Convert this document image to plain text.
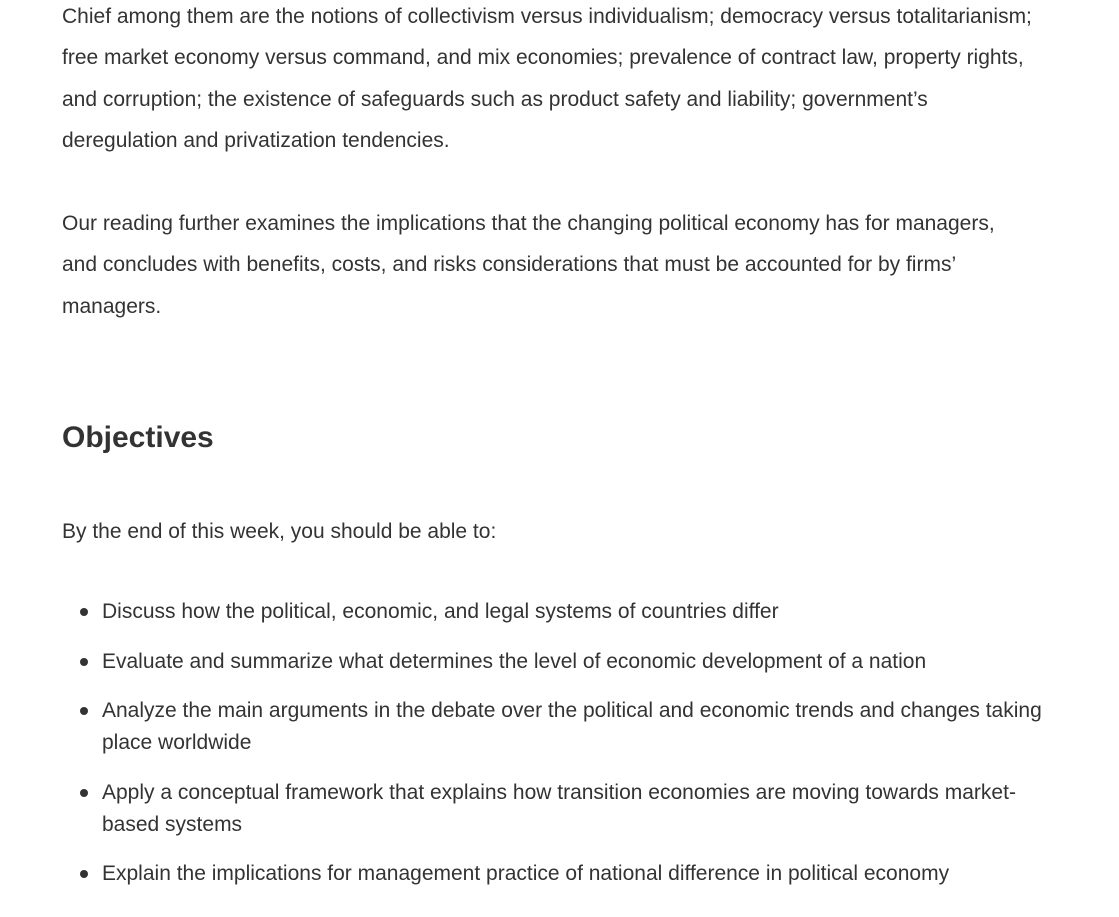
Chief among them are the notions of collectivism versus individualism; democracy versus totalitarianism; free market economy versus command, and mix economies; prevalence of contract law, property rights, and corruption; the existence of safeguards such as product safety and liability; government’s deregulation and privatization tendencies.

Our reading further examines the implications that the changing political economy has for managers, and concludes with benefits, costs, and risks considerations that must be accounted for by firms’ managers.

Objectives

By the end of this week, you should be able to:

Discuss how the political, economic, and legal systems of countries differ
Evaluate and summarize what determines the level of economic development of a nation
Analyze the main arguments in the debate over the political and economic trends and changes taking place worldwide
Apply a conceptual framework that explains how transition economies are moving towards market-based systems
Explain the implications for management practice of national difference in political economy
